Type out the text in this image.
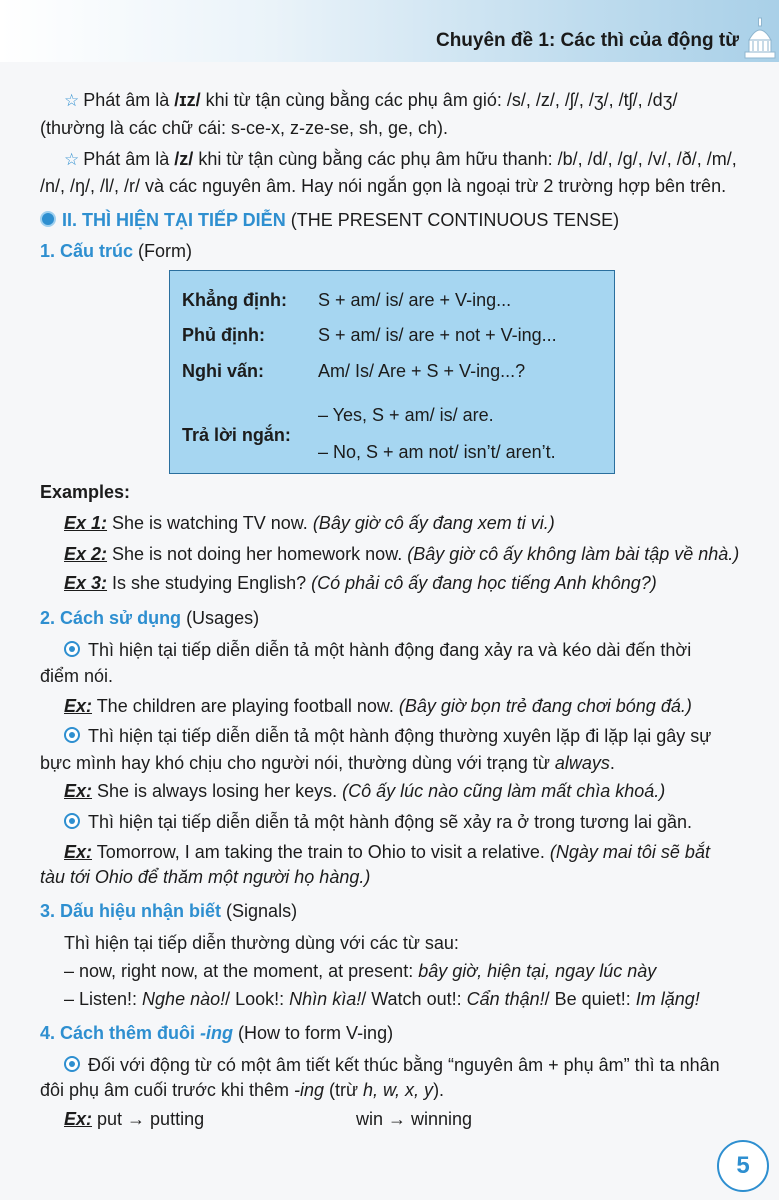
Chuyên đề 1: Các thì của động từ
☆ Phát âm là /ɪz/ khi từ tận cùng bằng các phụ âm gió: /s/, /z/, /ʃ/, /ʒ/, /tʃ/, /dʒ/
(thường là các chữ cái: s-ce-x, z-ze-se, sh, ge, ch).
☆ Phát âm là /z/ khi từ tận cùng bằng các phụ âm hữu thanh: /b/, /d/, /g/, /v/, /ð/, /m/,
/n/, /ŋ/, /l/, /r/ và các nguyên âm. Hay nói ngắn gọn là ngoại trừ 2 trường hợp bên trên.
II. THÌ HIỆN TẠI TIẾP DIỄN (THE PRESENT CONTINUOUS TENSE)
1. Cấu trúc (Form)
Khẳng định: S + am/ is/ are + V-ing...
Phủ định:	S + am/ is/ are + not + V-ing...
Nghi vấn:	Am/ Is/ Are + S + V-ing...?
Trả lời ngắn:
– Yes, S + am/ is/ are.
– No, S + am not/ isn’t/ aren’t.
Examples:
Ex 1: She is watching TV now. (Bây giờ cô ấy đang xem ti vi.)
Ex 2: She is not doing her homework now. (Bây giờ cô ấy không làm bài tập về nhà.)
Ex 3: Is she studying English? (Có phải cô ấy đang học tiếng Anh không?)
2. Cách sử dụng (Usages)
Thì hiện tại tiếp diễn diễn tả một hành động đang xảy ra và kéo dài đến thời
điểm nói.
Ex: The children are playing football now. (Bây giờ bọn trẻ đang chơi bóng đá.)
Thì hiện tại tiếp diễn diễn tả một hành động thường xuyên lặp đi lặp lại gây sự
bực mình hay khó chịu cho người nói, thường dùng với trạng từ always.
Ex: She is always losing her keys. (Cô ấy lúc nào cũng làm mất chìa khoá.)
Thì hiện tại tiếp diễn diễn tả một hành động sẽ xảy ra ở trong tương lai gần.
Ex: Tomorrow, I am taking the train to Ohio to visit a relative. (Ngày mai tôi sẽ bắt
tàu tới Ohio để thăm một người họ hàng.)
3. Dấu hiệu nhận biết (Signals)
Thì hiện tại tiếp diễn thường dùng với các từ sau:
– now, right now, at the moment, at present: bây giờ, hiện tại, ngay lúc này
– Listen!: Nghe nào!/ Look!: Nhìn kìa!/ Watch out!: Cẩn thận!/ Be quiet!: Im lặng!
4. Cách thêm đuôi -ing (How to form V-ing)
Đối với động từ có một âm tiết kết thúc bằng “nguyên âm + phụ âm” thì ta nhân
đôi phụ âm cuối trước khi thêm -ing (trừ h, w, x, y).
Ex: put → putting	win → winning
5
